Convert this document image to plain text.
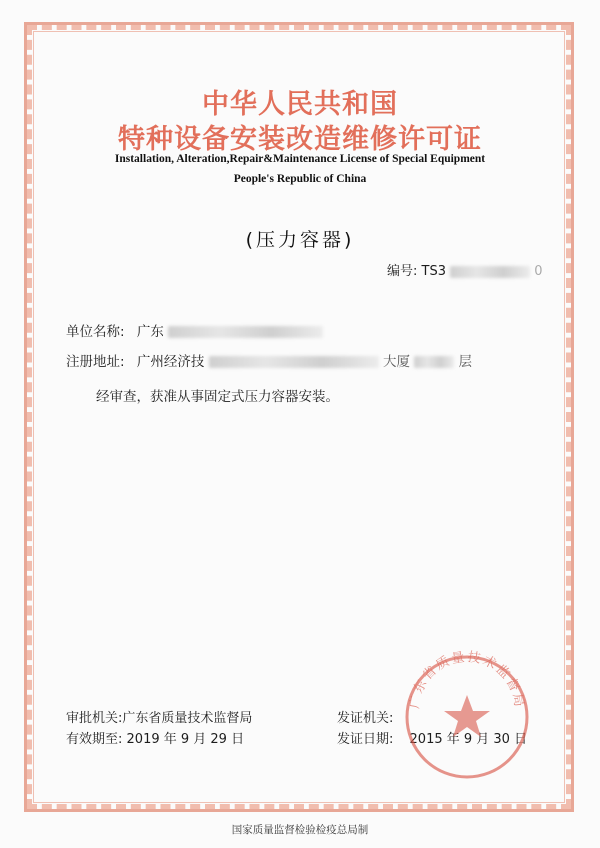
中华人民共和国
特种设备安装改造维修许可证
Installation, Alteration,Repair&Maintenance License of Special Equipment
People's Republic of China
(压力容器)
编号: TS3	0
单位名称: 广东
注册地址: 广州经济技	大厦	层
经审查，获准从事固定式压力容器安装。
审批机关:广东省质量技术监督局
有效期至: 2019 年 9 月 29 日
发证机关:
发证日期: 2015 年 9 月 30 日
广东省质量技术监督局
国家质量监督检验检疫总局制
